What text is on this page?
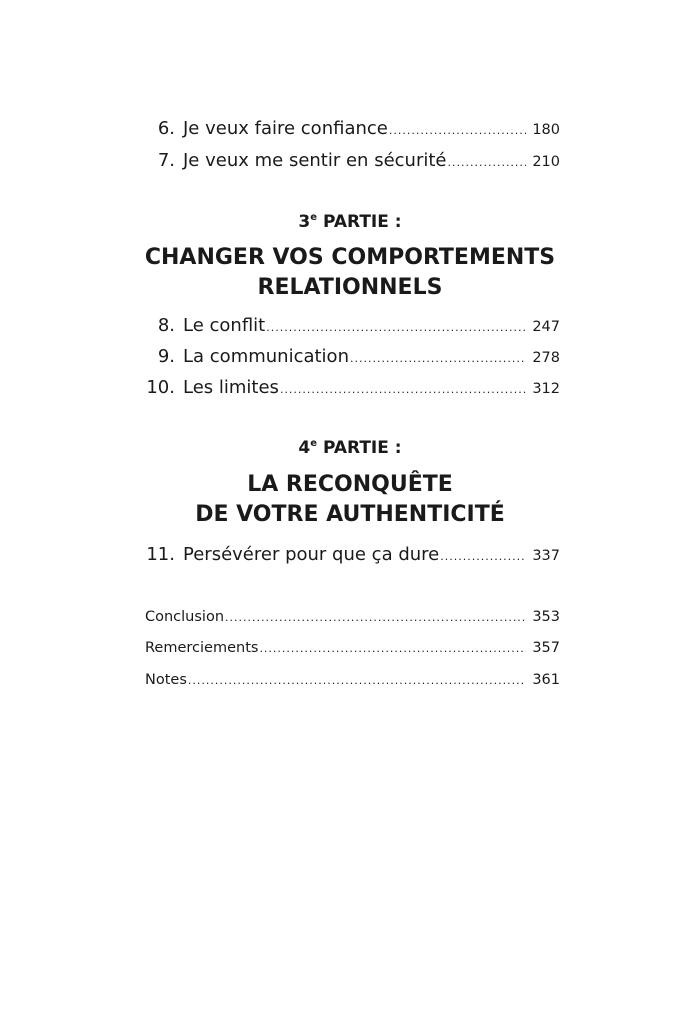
6. Je veux faire confiance .....	180
7. Je veux me sentir en sécurité .....	210
3e PARTIE :
CHANGER VOS COMPORTEMENTS
RELATIONNELS
8. Le conflit .....	247
9. La communication .....	278
10. Les limites .....	312
4e PARTIE :
LA RECONQUÊTE
DE VOTRE AUTHENTICITÉ
11. Persévérer pour que ça dure .....	337
Conclusion .....	353
Remerciements .....	357
Notes .....	361
